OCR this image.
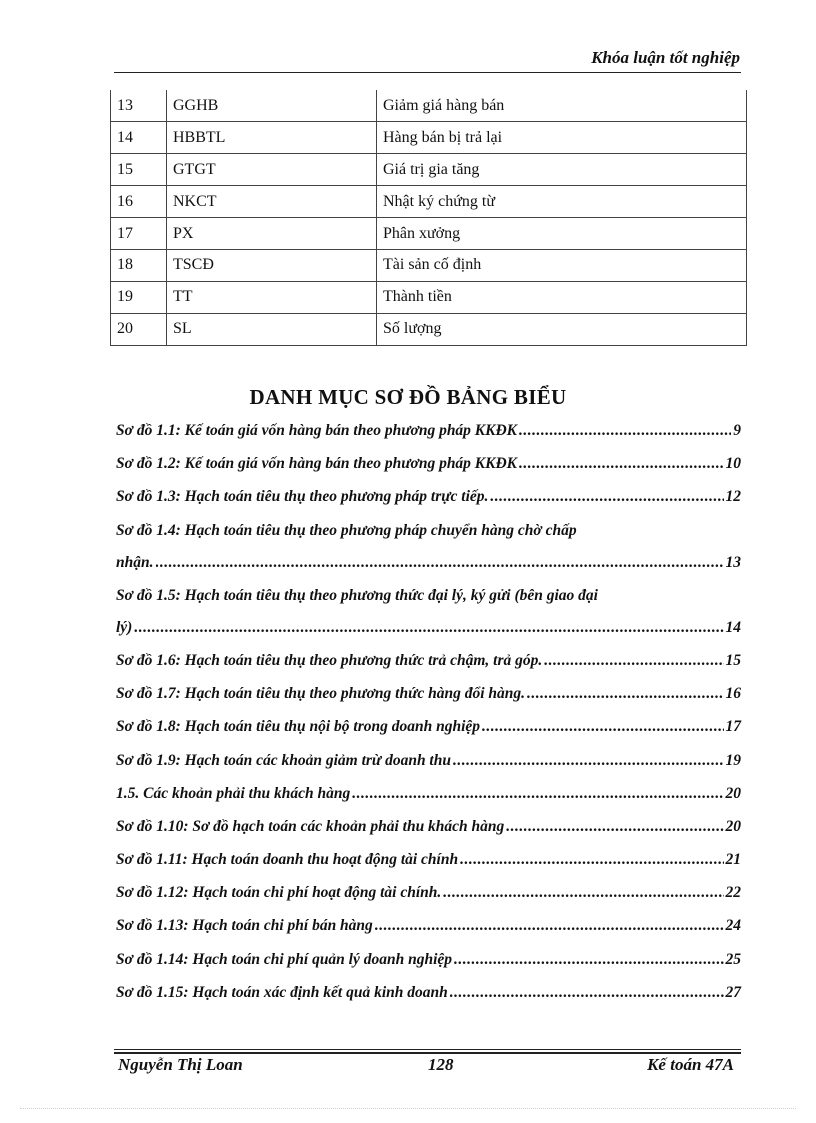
Khóa luận tốt nghiệp
13	GGHB	Giảm giá hàng bán
14	HBBTL	Hàng bán bị trả lại
15	GTGT	Giá trị gia tăng
16	NKCT	Nhật ký chứng từ
17	PX	Phân xưởng
18	TSCĐ	Tài sản cố định
19	TT	Thành tiền
20	SL	Số lượng
DANH MỤC SƠ ĐỒ BẢNG BIỂU
Sơ đồ 1.1: Kế toán giá vốn hàng bán theo phương pháp KKĐK .....	9
Sơ đồ 1.2: Kế toán giá vốn hàng bán theo phương pháp KKĐK .....	10
Sơ đồ 1.3: Hạch toán tiêu thụ theo phương pháp trực tiếp. .....	12
Sơ đồ 1.4: Hạch toán tiêu thụ theo phương pháp chuyển hàng chờ chấp
nhận. .....	13
Sơ đồ 1.5: Hạch toán tiêu thụ theo phương thức đại lý, ký gửi (bên giao đại
lý) .....	14
Sơ đồ 1.6: Hạch toán tiêu thụ theo phương thức trả chậm, trả góp. .....	15
Sơ đồ 1.7: Hạch toán tiêu thụ theo phương thức hàng đổi hàng. .....	16
Sơ đồ 1.8: Hạch toán tiêu thụ nội bộ trong doanh nghiệp .....	17
Sơ đồ 1.9: Hạch toán các khoản giảm trừ doanh thu .....	19
1.5. Các khoản phải thu khách hàng .....	20
Sơ đồ 1.10: Sơ đồ hạch toán các khoản phải thu khách hàng .....	20
Sơ đồ 1.11: Hạch toán doanh thu hoạt động tài chính .....	21
Sơ đồ 1.12: Hạch toán chi phí hoạt động tài chính. .....	22
Sơ đồ 1.13: Hạch toán chi phí bán hàng .....	24
Sơ đồ 1.14: Hạch toán chi phí quản lý doanh nghiệp .....	25
Sơ đồ 1.15: Hạch toán xác định kết quả kinh doanh .....	27
Nguyễn Thị Loan	128	Kế toán 47A
